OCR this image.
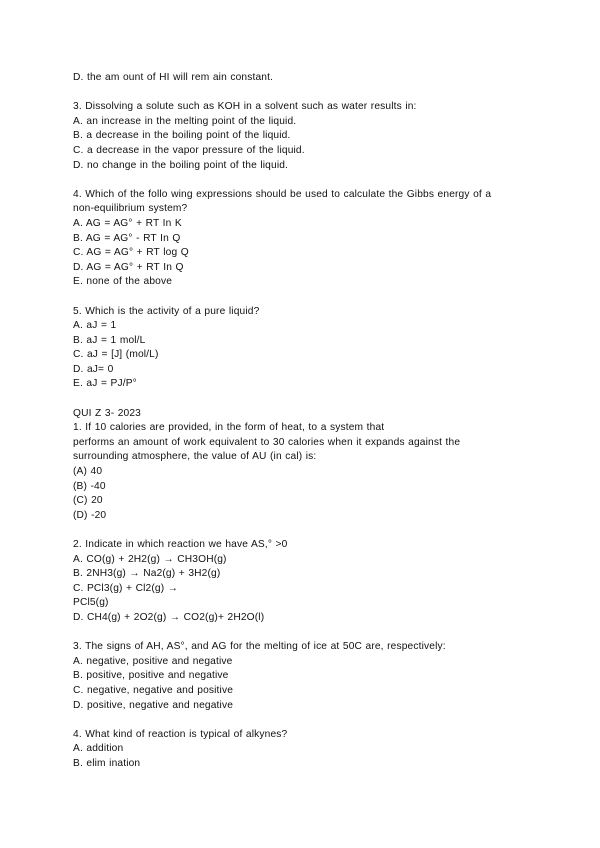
D. the am ount of HI will rem ain constant.
3. Dissolving a solute such as KOH in a solvent such as water results in:
A. an increase in the melting point of the liquid.
B. a decrease in the boiling point of the liquid.
C. a decrease in the vapor pressure of the liquid.
D. no change in the boiling point of the liquid.
4. Which of the follo wing expressions should be used to calculate the Gibbs energy of a
non-equilibrium system?
A. AG = AG° + RT In K
B. AG = AG° - RT In Q
C. AG = AG° + RT log Q
D. AG = AG° + RT In Q
E. none of the above
5. Which is the activity of a pure liquid?
A. aJ = 1
B. aJ = 1 mol/L
C. aJ = [J] (mol/L)
D. aJ= 0
E. aJ = PJ/P°
QUI Z 3- 2023
1. If 10 calories are provided, in the form of heat, to a system that
performs an amount of work equivalent to 30 calories when it expands against the
surrounding atmosphere, the value of AU (in cal) is:
(A) 40
(B) -40
(C) 20
(D) -20
2. Indicate in which reaction we have AS,° >0
A. CO(g) + 2H2(g) → CH3OH(g)
B. 2NH3(g) → Na2(g) + 3H2(g)
C. PCl3(g) + Cl2(g) →
PCl5(g)
D. CH4(g) + 2O2(g) → CO2(g)+ 2H2O(l)
3. The signs of AH, AS°, and AG for the melting of ice at 50C are, respectively:
A. negative, positive and negative
B. positive, positive and negative
C. negative, negative and positive
D. positive, negative and negative
4. What kind of reaction is typical of alkynes?
A. addition
B. elim ination
